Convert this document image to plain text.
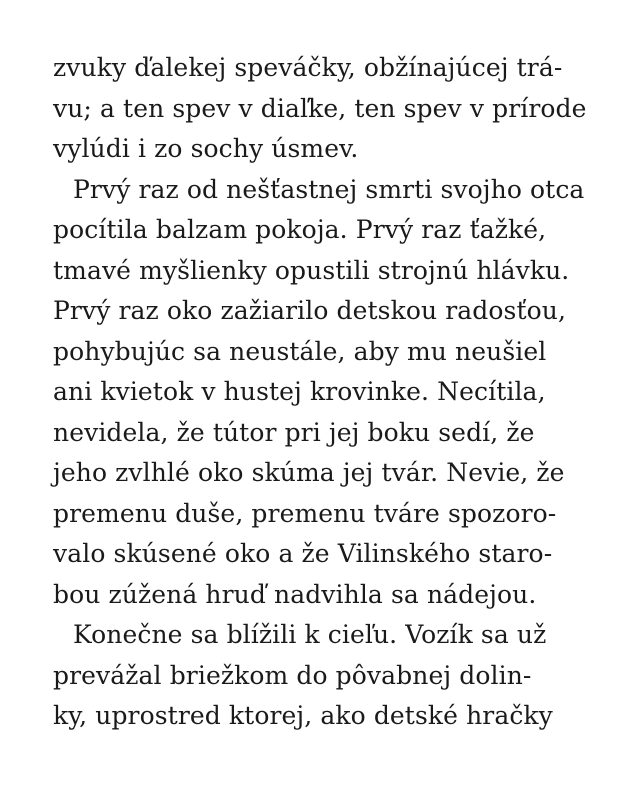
zvuky ďalekej speváčky, obžínajúcej trá-
vu; a ten spev v diaľke, ten spev v prírode
vylúdi i zo sochy úsmev.
Prvý raz od nešťastnej smrti svojho otca
pocítila balzam pokoja. Prvý raz ťažké,
tmavé myšlienky opustili strojnú hlávku.
Prvý raz oko zažiarilo detskou radosťou,
pohybujúc sa neustále, aby mu neušiel
ani kvietok v hustej krovinke. Necítila,
nevidela, že tútor pri jej boku sedí, že
jeho zvlhlé oko skúma jej tvár. Nevie, že
premenu duše, premenu tváre spozoro-
valo skúsené oko a že Vilinského staro-
bou zúžená hruď nadvihla sa nádejou.
Konečne sa blížili k cieľu. Vozík sa už
prevážal briežkom do pôvabnej dolin-
ky, uprostred ktorej, ako detské hračky
